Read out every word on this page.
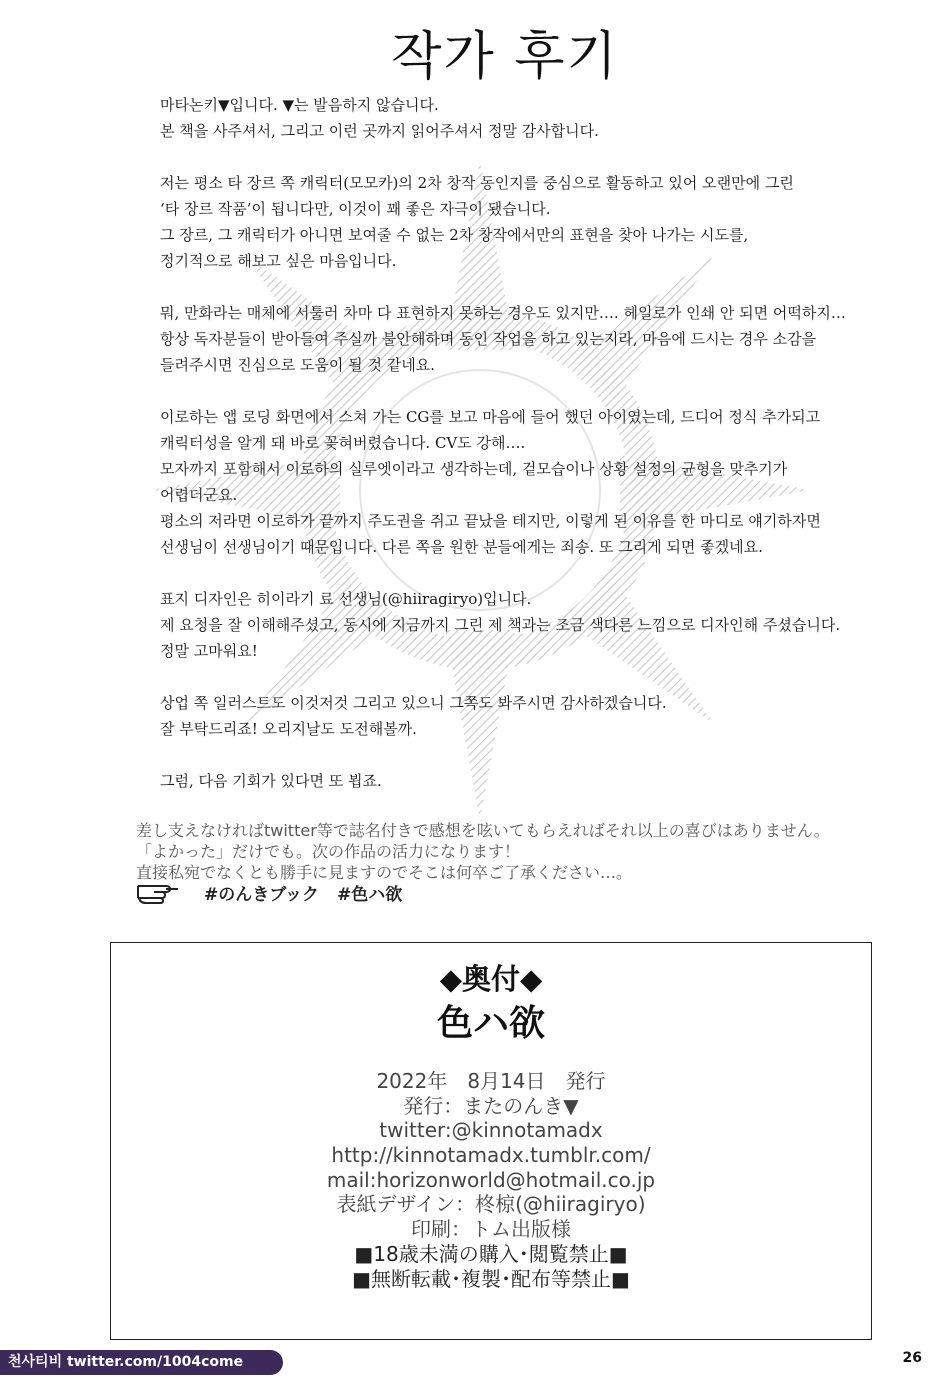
작가 후기
마타논키▼입니다. ▼는 발음하지 않습니다.
본 책을 사주셔서, 그리고 이런 곳까지 읽어주셔서 정말 감사합니다.
저는 평소 타 장르 쪽 캐릭터(모모카)의 2차 창작 동인지를 중심으로 활동하고 있어 오랜만에 그린
‘타 장르 작품’이 됩니다만, 이것이 꽤 좋은 자극이 됐습니다.
그 장르, 그 캐릭터가 아니면 보여줄 수 없는 2차 창작에서만의 표현을 찾아 나가는 시도를,
정기적으로 해보고 싶은 마음입니다.
뭐, 만화라는 매체에 서툴러 차마 다 표현하지 못하는 경우도 있지만…. 헤일로가 인쇄 안 되면 어떡하지…
항상 독자분들이 받아들여 주실까 불안해하며 동인 작업을 하고 있는지라, 마음에 드시는 경우 소감을
들려주시면 진심으로 도움이 될 것 같네요.
이로하는 앱 로딩 화면에서 스쳐 가는 CG를 보고 마음에 들어 했던 아이였는데, 드디어 정식 추가되고
캐릭터성을 알게 돼 바로 꽂혀버렸습니다. CV도 강해….
모자까지 포함해서 이로하의 실루엣이라고 생각하는데, 겉모습이나 상황 설정의 균형을 맞추기가
어렵더군요.
평소의 저라면 이로하가 끝까지 주도권을 쥐고 끝났을 테지만, 이렇게 된 이유를 한 마디로 얘기하자면
선생님이 선생님이기 때문입니다. 다른 쪽을 원한 분들에게는 죄송. 또 그리게 되면 좋겠네요.
표지 디자인은 히이라기 료 선생님(@hiiragiryo)입니다.
제 요청을 잘 이해해주셨고, 동시에 지금까지 그린 제 책과는 조금 색다른 느낌으로 디자인해 주셨습니다.
정말 고마워요!
상업 쪽 일러스트도 이것저것 그리고 있으니 그쪽도 봐주시면 감사하겠습니다.
잘 부탁드리죠! 오리지날도 도전해볼까.
그럼, 다음 기회가 있다면 또 뵙죠.
差し支えなければtwitter等で誌名付きで感想を呟いてもらえればそれ以上の喜びはありません。
「よかった」だけでも。次の作品の活力になります！
直接私宛でなくとも勝手に見ますのでそこは何卒ご了承ください…。
#のんきブック #色ハ欲
◆奥付◆
色ハ欲
2022年　8月14日　発行
発行：またのんき▼
twitter:@kinnotamadx
http://kinnotamadx.tumblr.com/
mail:horizonworld@hotmail.co.jp
表紙デザイン：柊椋(@hiiragiryo)
印刷：トム出版様
■18歳未満の購入･閲覧禁止■
■無断転載･複製･配布等禁止■
천사티비 twitter.com/1004come	26
